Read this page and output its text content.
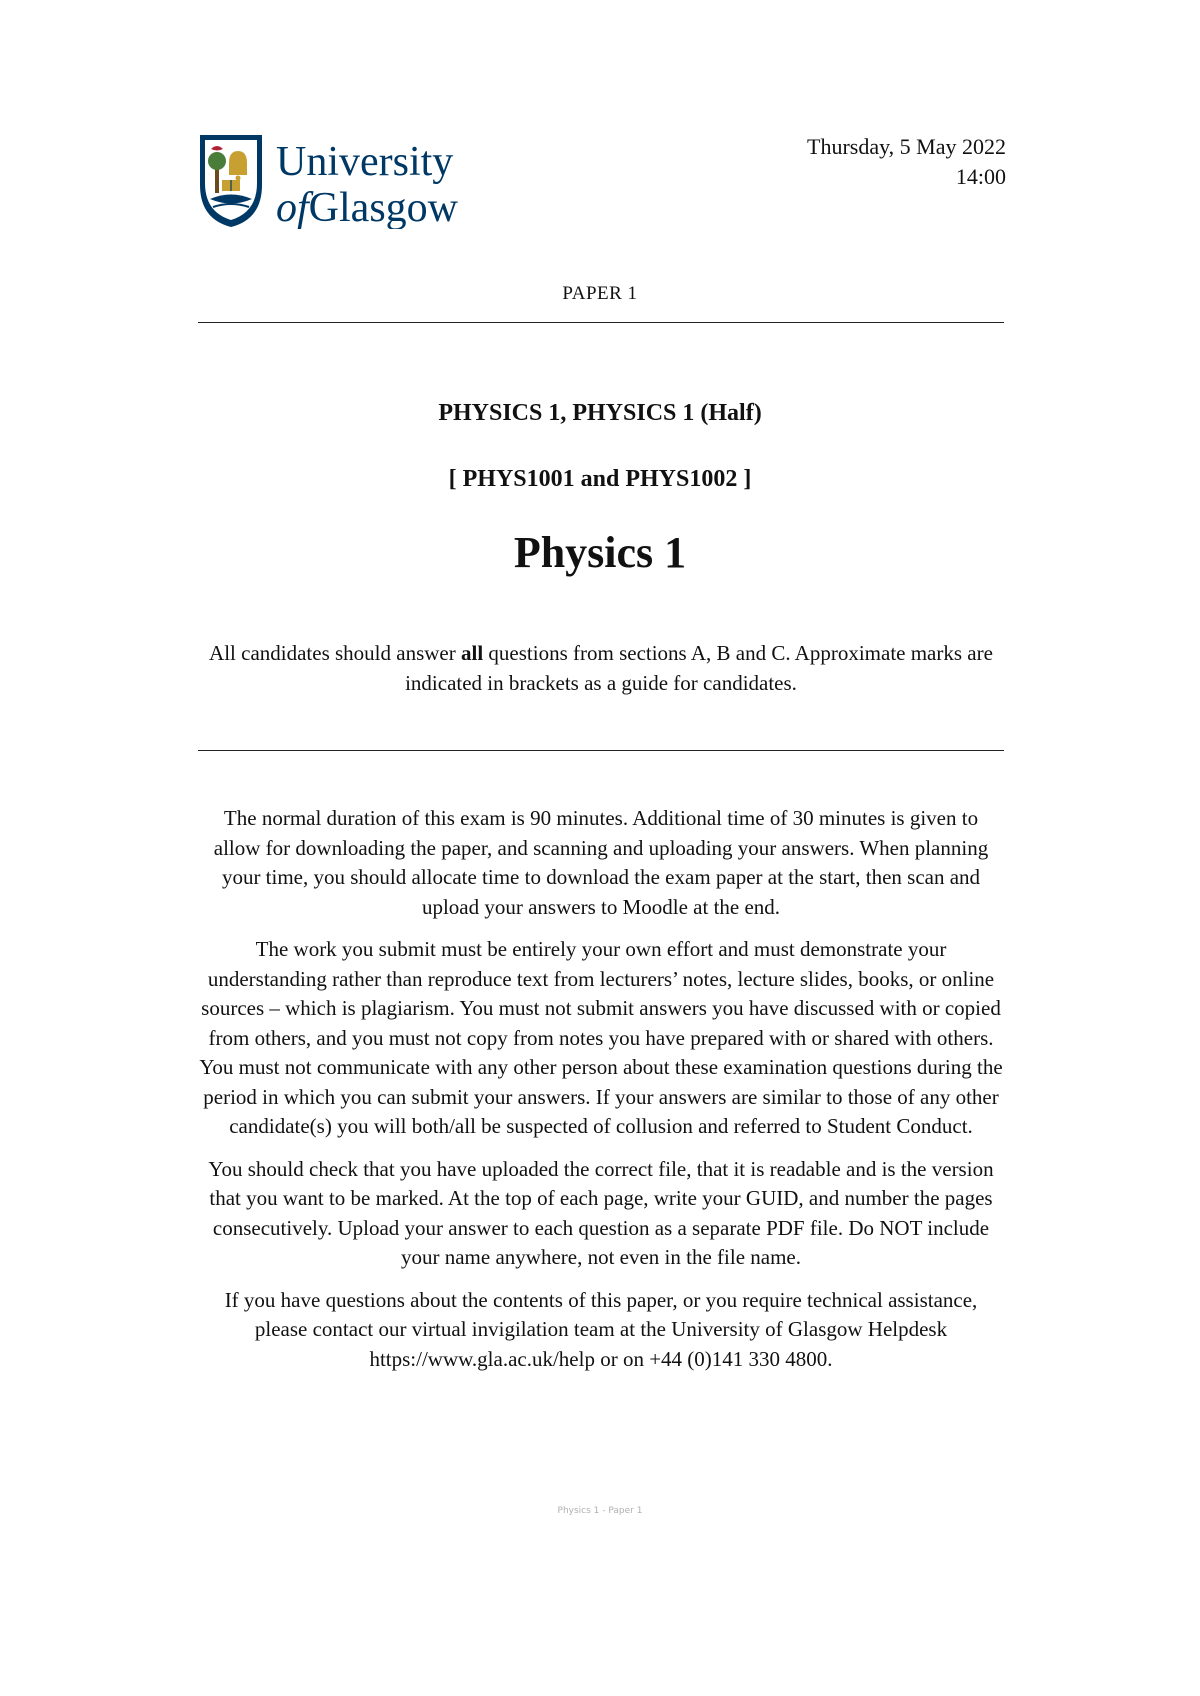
University
ofGlasgow
Thursday, 5 May 2022
14:00
PAPER 1
PHYSICS 1, PHYSICS 1 (Half)
[ PHYS1001 and PHYS1002 ]
Physics 1
All candidates should answer all questions from sections A, B and C. Approximate marks are indicated in brackets as a guide for candidates.

The normal duration of this exam is 90 minutes. Additional time of 30 minutes is given to allow for downloading the paper, and scanning and uploading your answers. When planning your time, you should allocate time to download the exam paper at the start, then scan and upload your answers to Moodle at the end.

The work you submit must be entirely your own effort and must demonstrate your understanding rather than reproduce text from lecturers’ notes, lecture slides, books, or online sources – which is plagiarism. You must not submit answers you have discussed with or copied from others, and you must not copy from notes you have prepared with or shared with others. You must not communicate with any other person about these examination questions during the period in which you can submit your answers. If your answers are similar to those of any other candidate(s) you will both/all be suspected of collusion and referred to Student Conduct.

You should check that you have uploaded the correct file, that it is readable and is the version that you want to be marked. At the top of each page, write your GUID, and number the pages consecutively. Upload your answer to each question as a separate PDF file. Do NOT include your name anywhere, not even in the file name.

If you have questions about the contents of this paper, or you require technical assistance, please contact our virtual invigilation team at the University of Glasgow Helpdesk https://www.gla.ac.uk/help or on +44 (0)141 330 4800.

Physics 1 - Paper 1
